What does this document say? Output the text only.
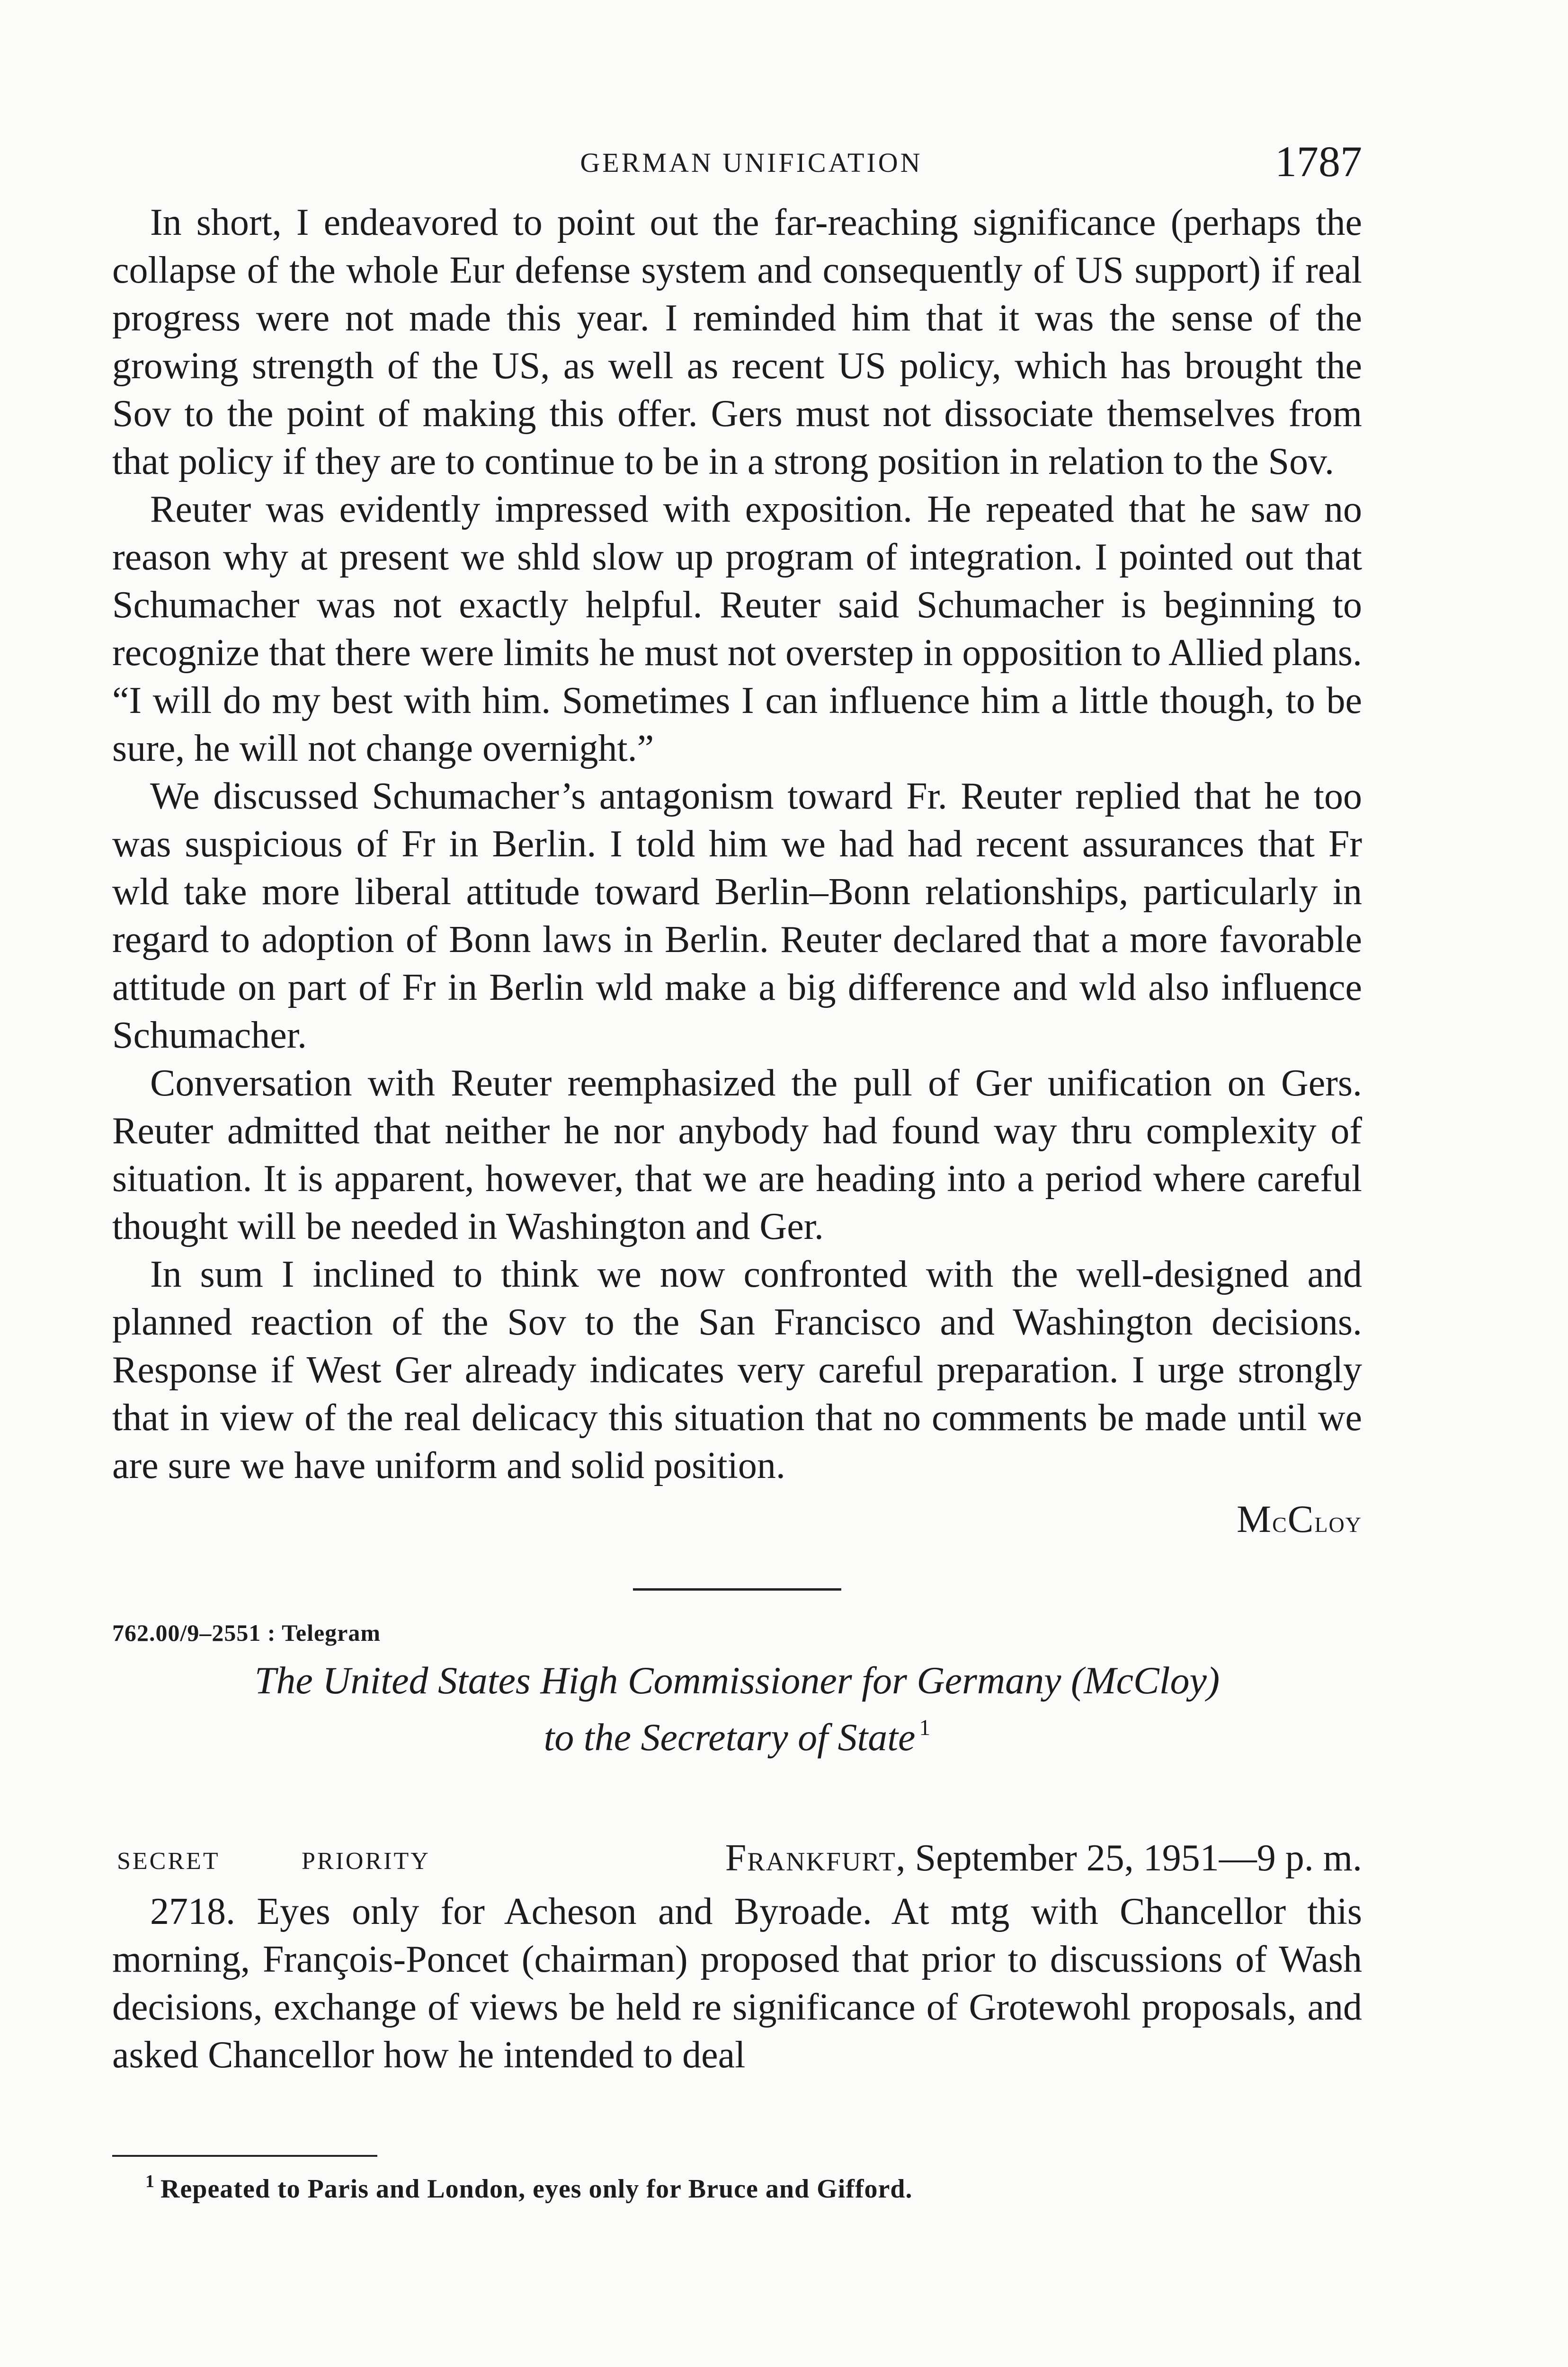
GERMAN UNIFICATION	1787

In short, I endeavored to point out the far-reaching significance (perhaps the collapse of the whole Eur defense system and consequently of US support) if real progress were not made this year. I reminded him that it was the sense of the growing strength of the US, as well as recent US policy, which has brought the Sov to the point of making this offer. Gers must not dissociate themselves from that policy if they are to continue to be in a strong position in relation to the Sov.

Reuter was evidently impressed with exposition. He repeated that he saw no reason why at present we shld slow up program of integration. I pointed out that Schumacher was not exactly helpful. Reuter said Schumacher is beginning to recognize that there were limits he must not overstep in opposition to Allied plans. “I will do my best with him. Sometimes I can influence him a little though, to be sure, he will not change overnight.”

We discussed Schumacher’s antagonism toward Fr. Reuter replied that he too was suspicious of Fr in Berlin. I told him we had had recent assurances that Fr wld take more liberal attitude toward Berlin–Bonn relationships, particularly in regard to adoption of Bonn laws in Berlin. Reuter declared that a more favorable attitude on part of Fr in Berlin wld make a big difference and wld also influence Schumacher.

Conversation with Reuter reemphasized the pull of Ger unification on Gers. Reuter admitted that neither he nor anybody had found way thru complexity of situation. It is apparent, however, that we are heading into a period where careful thought will be needed in Washington and Ger.

In sum I inclined to think we now confronted with the well-designed and planned reaction of the Sov to the San Francisco and Washington decisions. Response if West Ger already indicates very careful preparation. I urge strongly that in view of the real delicacy this situation that no comments be made until we are sure we have uniform and solid position.

McCloy
762.00/9–2551 : Telegram
The United States High Commissioner for Germany (McCloy)
to the Secretary of State $^1$
SECRET	PRIORITY	Frankfurt, September 25, 1951—9 p. m.

2718. Eyes only for Acheson and Byroade. At mtg with Chancellor this morning, François-Poncet (chairman) proposed that prior to discussions of Wash decisions, exchange of views be held re significance of Grotewohl proposals, and asked Chancellor how he intended to deal

$^1$ Repeated to Paris and London, eyes only for Bruce and Gifford.
